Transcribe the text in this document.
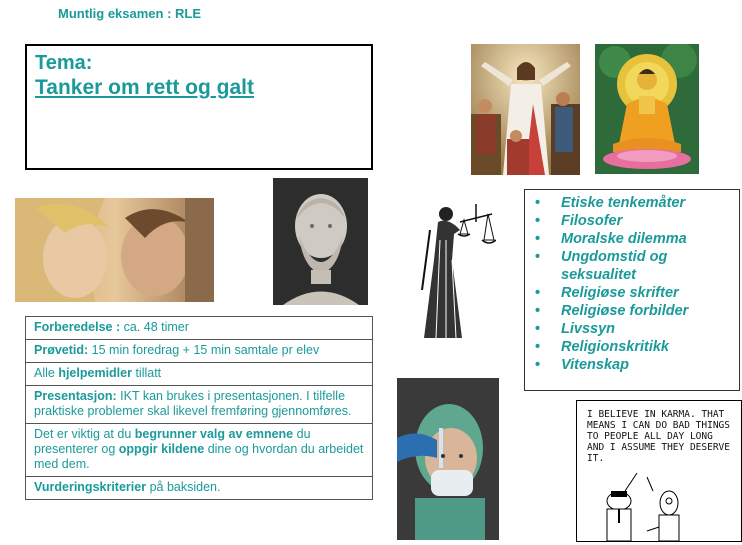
Muntlig eksamen : RLE
Tema:
Tanker om rett og galt
• Etiske tenkemåter
• Filosofer
• Moralske dilemma
• Ungdomstid og seksualitet
• Religiøse skrifter
• Religiøse forbilder
• Livssyn
• Religionskritikk
• Vitenskap
Forberedelse : ca. 48 timer
Prøvetid: 15 min foredrag + 15 min samtale pr elev
Alle hjelpemidler tillatt
Presentasjon: IKT kan brukes i presentasjonen. I tilfelle praktiske problemer skal likevel fremføring gjennomføres.
Det er viktig at du begrunner valg av emnene du presenterer og oppgir kildene dine og hvordan du arbeidet med dem.
Vurderingskriterier på baksiden.
I BELIEVE IN KARMA. THAT MEANS I CAN DO BAD THINGS TO PEOPLE ALL DAY LONG AND I ASSUME THEY DESERVE IT.
